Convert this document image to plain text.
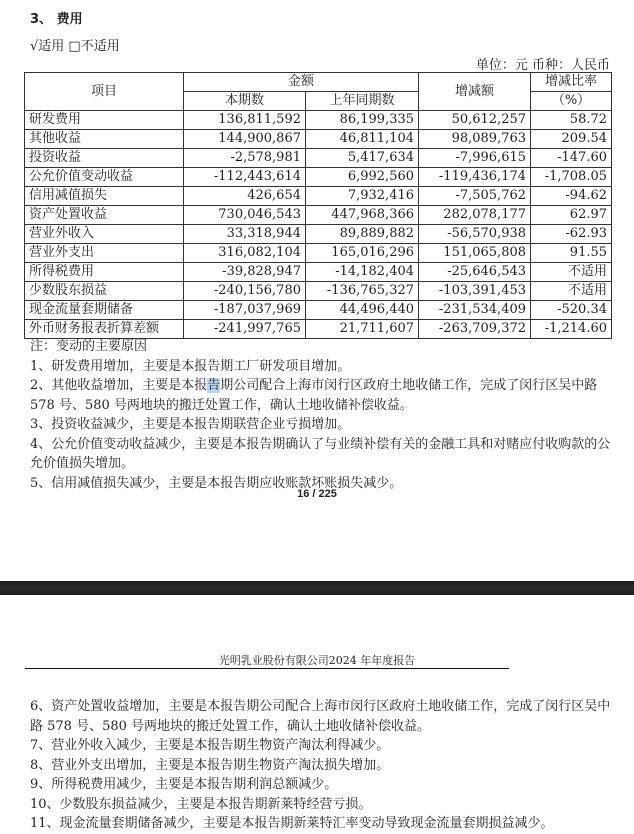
3、 费用
√适用 □不适用
单位：元 币种：人民币
项目	金额		增减额	增减比率
	本期数	上年同期数		（%）
研发费用	136,811,592	86,199,335	50,612,257	58.72
其他收益	144,900,867	46,811,104	98,089,763	209.54
投资收益	-2,578,981	5,417,634	-7,996,615	-147.60
公允价值变动收益	-112,443,614	6,992,560	-119,436,174	-1,708.05
信用减值损失	426,654	7,932,416	-7,505,762	-94.62
资产处置收益	730,046,543	447,968,366	282,078,177	62.97
营业外收入	33,318,944	89,889,882	-56,570,938	-62.93
营业外支出	316,082,104	165,016,296	151,065,808	91.55
所得税费用	-39,828,947	-14,182,404	-25,646,543	不适用
少数股东损益	-240,156,780	-136,765,327	-103,391,453	不适用
现金流量套期储备	-187,037,969	44,496,440	-231,534,409	-520.34
外币财务报表折算差额	-241,997,765	21,711,607	-263,709,372	-1,214.60

注：变动的主要原因

1、研发费用增加，主要是本报告期工厂研发项目增加。

2、其他收益增加，主要是本报告期公司配合上海市闵行区政府土地收储工作，完成了闵行区吴中路 578 号、580 号两地块的搬迁处置工作，确认土地收储补偿收益。

3、投资收益减少，主要是本报告期联营企业亏损增加。

4、公允价值变动收益减少，主要是本报告期确认了与业绩补偿有关的金融工具和对赌应付收购款的公允价值损失增加。

5、信用减值损失减少，主要是本报告期应收账款坏账损失减少。

16 / 225
光明乳业股份有限公司2024 年年度报告

6、资产处置收益增加，主要是本报告期公司配合上海市闵行区政府土地收储工作，完成了闵行区吴中路 578 号、580 号两地块的搬迁处置工作，确认土地收储补偿收益。

7、营业外收入减少，主要是本报告期生物资产淘汰利得减少。

8、营业外支出增加，主要是本报告期生物资产淘汰损失增加。

9、所得税费用减少，主要是本报告期利润总额减少。

10、少数股东损益减少，主要是本报告期新莱特经营亏损。

11、现金流量套期储备减少，主要是本报告期新莱特汇率变动导致现金流量套期损益减少。
